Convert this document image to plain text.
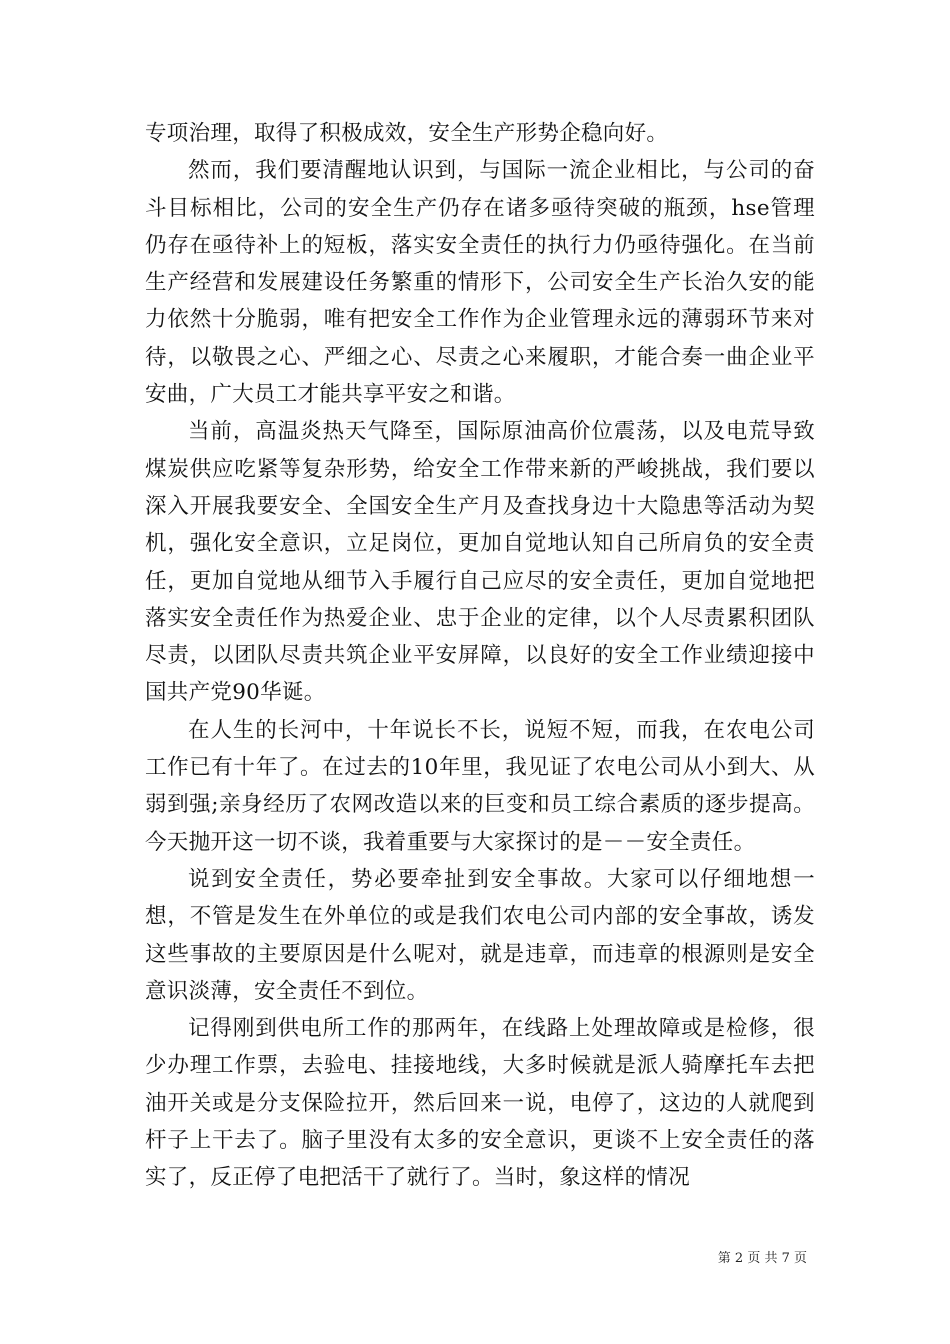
专项治理，取得了积极成效，安全生产形势企稳向好。

然而，我们要清醒地认识到，与国际一流企业相比，与公司的奋斗目标相比，公司的安全生产仍存在诸多亟待突破的瓶颈，hse管理仍存在亟待补上的短板，落实安全责任的执行力仍亟待强化。在当前生产经营和发展建设任务繁重的情形下，公司安全生产长治久安的能力依然十分脆弱，唯有把安全工作作为企业管理永远的薄弱环节来对待，以敬畏之心、严细之心、尽责之心来履职，才能合奏一曲企业平安曲，广大员工才能共享平安之和谐。

当前，高温炎热天气降至，国际原油高价位震荡，以及电荒导致煤炭供应吃紧等复杂形势，给安全工作带来新的严峻挑战，我们要以深入开展我要安全、全国安全生产月及查找身边十大隐患等活动为契机，强化安全意识，立足岗位，更加自觉地认知自己所肩负的安全责任，更加自觉地从细节入手履行自己应尽的安全责任，更加自觉地把落实安全责任作为热爱企业、忠于企业的定律，以个人尽责累积团队尽责，以团队尽责共筑企业平安屏障，以良好的安全工作业绩迎接中国共产党90华诞。

在人生的长河中，十年说长不长，说短不短，而我，在农电公司工作已有十年了。在过去的10年里，我见证了农电公司从小到大、从弱到强;亲身经历了农网改造以来的巨变和员工综合素质的逐步提高。今天抛开这一切不谈，我着重要与大家探讨的是－－安全责任。

说到安全责任，势必要牵扯到安全事故。大家可以仔细地想一想，不管是发生在外单位的或是我们农电公司内部的安全事故，诱发这些事故的主要原因是什么呢对，就是违章，而违章的根源则是安全意识淡薄，安全责任不到位。

记得刚到供电所工作的那两年，在线路上处理故障或是检修，很少办理工作票，去验电、挂接地线，大多时候就是派人骑摩托车去把油开关或是分支保险拉开，然后回来一说，电停了，这边的人就爬到杆子上干去了。脑子里没有太多的安全意识，更谈不上安全责任的落实了，反正停了电把活干了就行了。当时，象这样的情况

第 2 页 共 7 页
